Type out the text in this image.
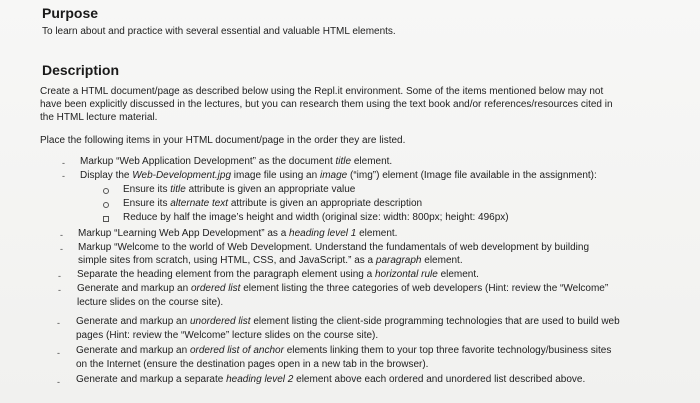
Purpose
To learn about and practice with several essential and valuable HTML elements.
Description
Create a HTML document/page as described below using the Repl.it environment. Some of the items mentioned below may not
have been explicitly discussed in the lectures, but you can research them using the text book and/or references/resources cited in
the HTML lecture material.
Place the following items in your HTML document/page in the order they are listed.
- Markup “Web Application Development” as the document title element.
- Display the Web-Development.jpg image file using an image (“img”) element (Image file available in the assignment):
Ensure its title attribute is given an appropriate value
Ensure its alternate text attribute is given an appropriate description
Reduce by half the image’s height and width (original size: width: 800px; height: 496px)
- Markup “Learning Web App Development” as a heading level 1 element.
- Markup “Welcome to the world of Web Development. Understand the fundamentals of web development by building
simple sites from scratch, using HTML, CSS, and JavaScript.” as a paragraph element.
- Separate the heading element from the paragraph element using a horizontal rule element.
- Generate and markup an ordered list element listing the three categories of web developers (Hint: review the “Welcome”
lecture slides on the course site).
- Generate and markup an unordered list element listing the client-side programming technologies that are used to build web
pages (Hint: review the “Welcome” lecture slides on the course site).
- Generate and markup an ordered list of anchor elements linking them to your top three favorite technology/business sites
on the Internet (ensure the destination pages open in a new tab in the browser).
- Generate and markup a separate heading level 2 element above each ordered and unordered list described above.
